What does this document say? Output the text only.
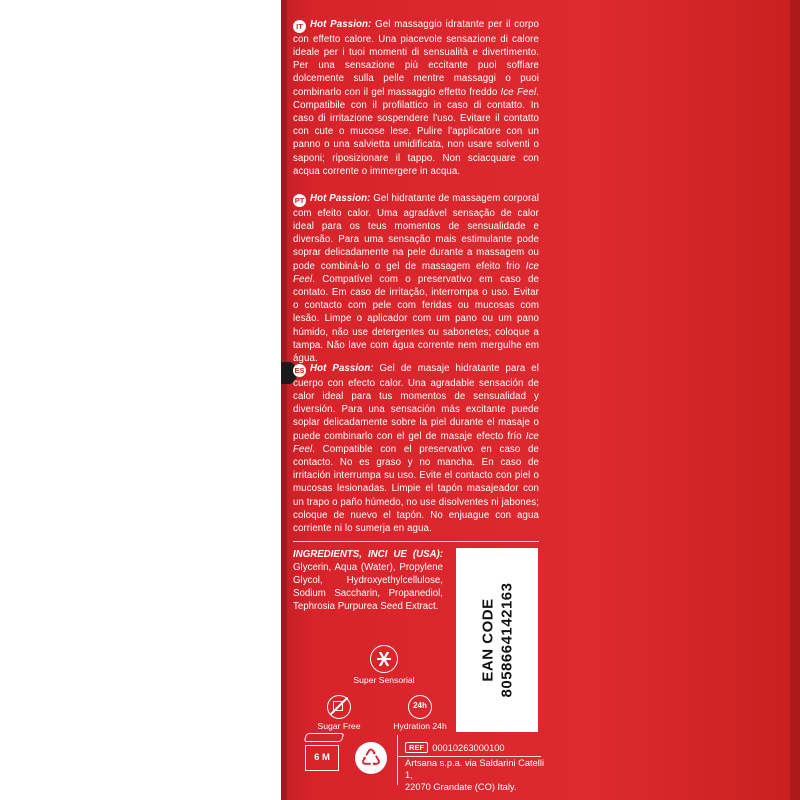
IT Hot Passion: Gel massaggio idratante per il corpo con effetto calore. Una piacevole sensazione di calore ideale per i tuoi momenti di sensualità e divertimento. Per una sensazione più eccitante puoi soffiare dolcemente sulla pelle mentre massaggi o puoi combinarlo con il gel massaggio effetto freddo Ice Feel. Compatibile con il profilattico in caso di contatto. In caso di irritazione sospendere l'uso. Evitare il contatto con cute o mucose lese. Pulire l'applicatore con un panno o una salvietta umidificata, non usare solventi o saponi; riposizionare il tappo. Non sciacquare con acqua corrente o immergere in acqua.

PT Hot Passion: Gel hidratante de massagem corporal com efeito calor. Uma agradável sensação de calor ideal para os teus momentos de sensualidade e diversão. Para uma sensação mais estimulante pode soprar delicadamente na pele durante a massagem ou pode combiná-lo o gel de massagem efeito frio Ice Feel. Compatível com o preservativo em caso de contato. Em caso de irritação, interrompa o uso. Evitar o contacto com pele com feridas ou mucosas com lesão. Limpe o aplicador com um pano ou um pano húmido, não use detergentes ou sabonetes; coloque a tampa. Não lave com água corrente nem mergulhe em água.

ES Hot Passion: Gel de masaje hidratante para el cuerpo con efecto calor. Una agradable sensación de calor ideal para tus momentos de sensualidad y diversión. Para una sensación más excitante puede soplar delicadamente sobre la piel durante el masaje o puede combinarlo con el gel de masaje efecto frío Ice Feel. Compatible con el preservativo en caso de contacto. No es graso y no mancha. En caso de irritación interrumpa su uso. Evite el contacto con piel o mucosas lesionadas. Limpie el tapón masajeador con un trapo o paño húmedo, no use disolventes ni jabones; coloque de nuevo el tapón. No enjuague con agua corriente ni lo sumerja en agua.

INGREDIENTS, INCI UE (USA): Glycerin, Aqua (Water), Propylene Glycol, Hydroxyethylcellulose, Sodium Saccharin, Propanediol, Tephrosia Purpurea Seed Extract.	EAN CODE 8058664142163
Super Sensorial
Sugar Free
24h
Hydration 24h
6 M	♺	REF 00010263000100
Artsana s.p.a. via Saldarini Catelli 1,
22070 Grandate (CO) Italy.
